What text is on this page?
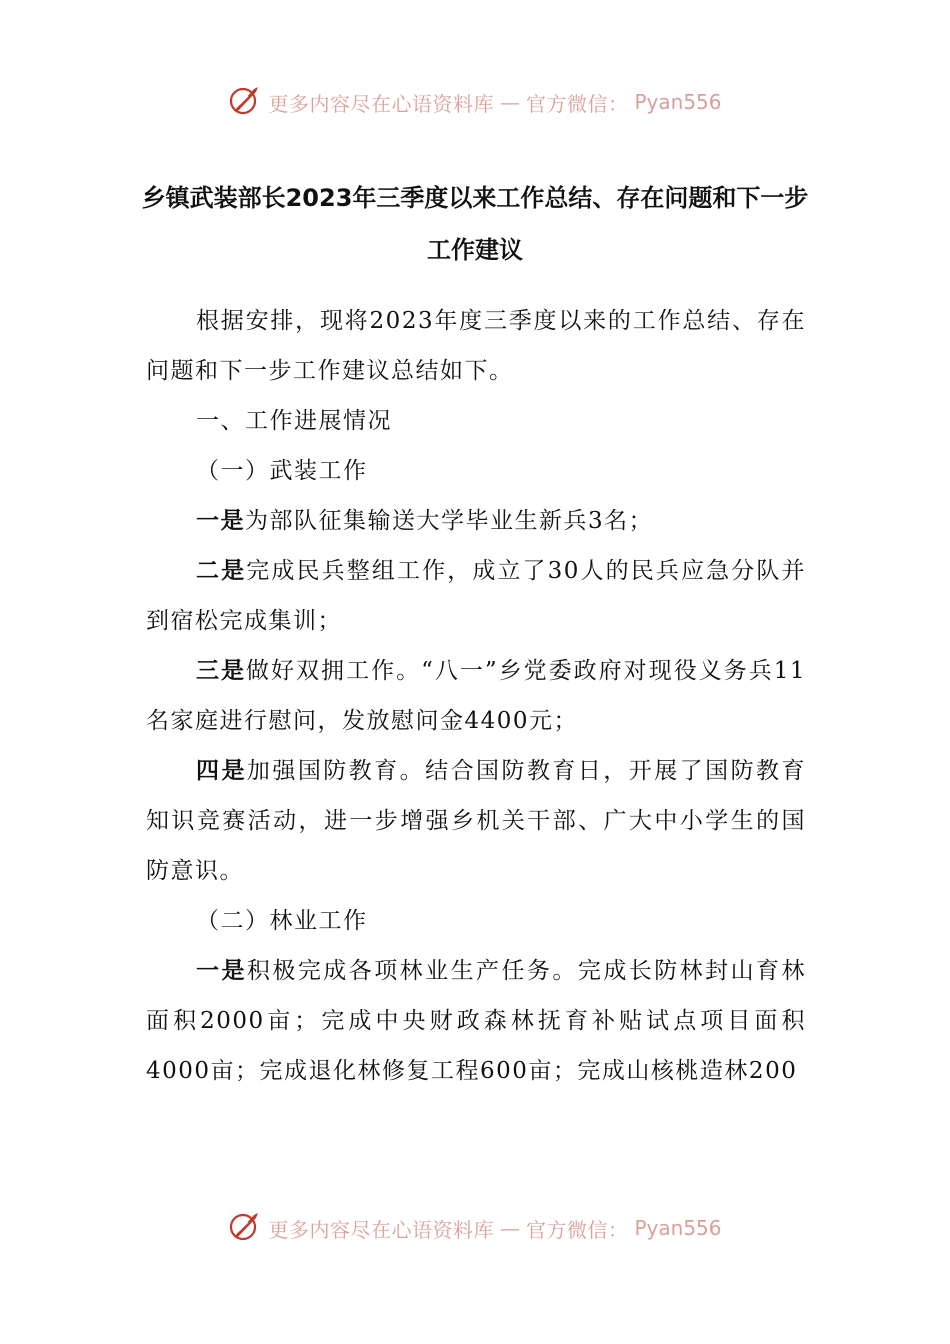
更多内容尽在心语资料库 — 官方微信： Pyan556
乡镇武装部长2023年三季度以来工作总结、存在问题和下一步工作建议

根据安排，现将2023年度三季度以来的工作总结、存在问题和下一步工作建议总结如下。

一、工作进展情况

（一）武装工作

一是为部队征集输送大学毕业生新兵3名；

二是完成民兵整组工作，成立了30人的民兵应急分队并到宿松完成集训；

三是做好双拥工作。“八一”乡党委政府对现役义务兵11名家庭进行慰问，发放慰问金4400元；

四是加强国防教育。结合国防教育日，开展了国防教育知识竞赛活动，进一步增强乡机关干部、广大中小学生的国防意识。

（二）林业工作

一是积极完成各项林业生产任务。完成长防林封山育林面积2000亩；完成中央财政森林抚育补贴试点项目面积4000亩；完成退化林修复工程600亩；完成山核桃造林200

更多内容尽在心语资料库 — 官方微信： Pyan556
